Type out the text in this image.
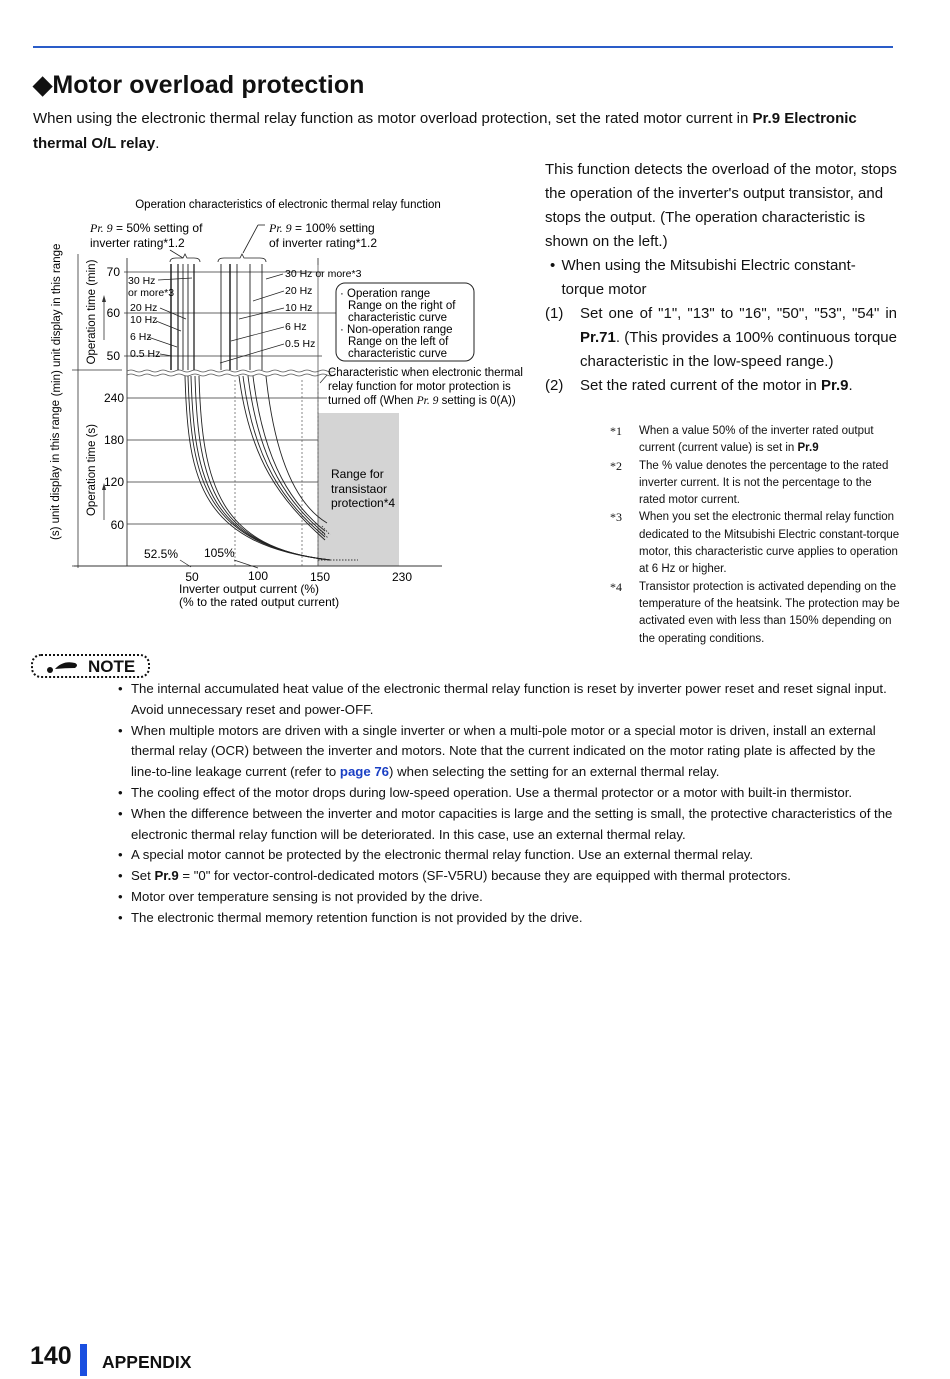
◆Motor overload protection
When using the electronic thermal relay function as motor overload protection, set the rated motor current in Pr.9 Electronic thermal O/L relay.
Operation characteristics of electronic thermal relay function
Pr. 9 = 50% setting of
inverter rating*1.2
Pr. 9 = 100% setting
of inverter rating*1.2
(min) unit display in this range
(s) unit display in this range
Operation time (min)
Operation time (s)
70
60
50
240
180
120
60
Range for
transistaor
protection*4
50	100	150	230
Inverter output current (%)
(% to the rated output current)
52.5% 105%
30 Hz
or more*3
20 Hz
10 Hz
6 Hz
0.5 Hz
30 Hz or more*3
20 Hz
10 Hz
6 Hz
0.5 Hz
· Operation range
Range on the right of
characteristic curve
· Non-operation range
Range on the left of
characteristic curve
Characteristic when electronic thermal
relay function for motor protection is
turned off (When Pr. 9 setting is 0(A))

This function detects the overload of the motor, stops the operation of the inverter's output transistor, and stops the output. (The operation characteristic is shown on the left.)

• When using the Mitsubishi Electric constant-torque motor
(1)	Set one of "1", "13" to "16", "50", "53", "54" in Pr.71. (This provides a 100% continuous torque characteristic in the low-speed range.)
(2)	Set the rated current of the motor in Pr.9.
*1	When a value 50% of the inverter rated output current (current value) is set in Pr.9
*2	The % value denotes the percentage to the rated inverter current. It is not the percentage to the rated motor current.
*3	When you set the electronic thermal relay function dedicated to the Mitsubishi Electric constant-torque motor, this characteristic curve applies to operation at 6 Hz or higher.
*4	Transistor protection is activated depending on the temperature of the heatsink. The protection may be activated even with less than 150% depending on the operating conditions.
NOTE
• The internal accumulated heat value of the electronic thermal relay function is reset by inverter power reset and reset signal input. Avoid unnecessary reset and power-OFF.
• When multiple motors are driven with a single inverter or when a multi-pole motor or a special motor is driven, install an external thermal relay (OCR) between the inverter and motors. Note that the current indicated on the motor rating plate is affected by the line-to-line leakage current (refer to page 76) when selecting the setting for an external thermal relay.
• The cooling effect of the motor drops during low-speed operation. Use a thermal protector or a motor with built-in thermistor.
• When the difference between the inverter and motor capacities is large and the setting is small, the protective characteristics of the electronic thermal relay function will be deteriorated. In this case, use an external thermal relay.
• A special motor cannot be protected by the electronic thermal relay function. Use an external thermal relay.
• Set Pr.9 = "0" for vector-control-dedicated motors (SF-V5RU) because they are equipped with thermal protectors.
• Motor over temperature sensing is not provided by the drive.
• The electronic thermal memory retention function is not provided by the drive.
140 APPENDIX
